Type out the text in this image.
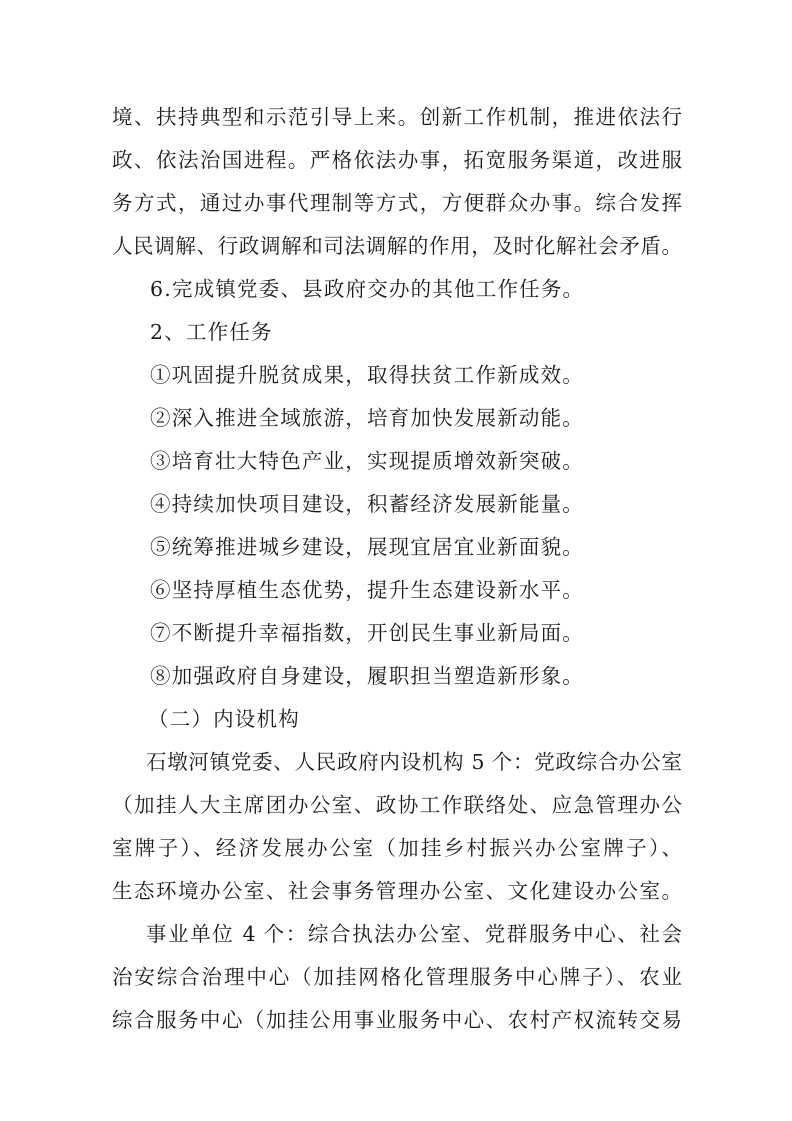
境、扶持典型和示范引导上来。创新工作机制，推进依法行

政、依法治国进程。严格依法办事，拓宽服务渠道，改进服

务方式，通过办事代理制等方式，方便群众办事。综合发挥

人民调解、行政调解和司法调解的作用，及时化解社会矛盾。

6.完成镇党委、县政府交办的其他工作任务。

2、工作任务

①巩固提升脱贫成果，取得扶贫工作新成效。

②深入推进全域旅游，培育加快发展新动能。

③培育壮大特色产业，实现提质增效新突破。

④持续加快项目建设，积蓄经济发展新能量。

⑤统筹推进城乡建设，展现宜居宜业新面貌。

⑥坚持厚植生态优势，提升生态建设新水平。

⑦不断提升幸福指数，开创民生事业新局面。

⑧加强政府自身建设，履职担当塑造新形象。

（二）内设机构

石墩河镇党委、人民政府内设机构 5 个：党政综合办公室

（加挂人大主席团办公室、政协工作联络处、应急管理办公

室牌子）、经济发展办公室（加挂乡村振兴办公室牌子）、

生态环境办公室、社会事务管理办公室、文化建设办公室。

事业单位 4 个：综合执法办公室、党群服务中心、社会

治安综合治理中心（加挂网格化管理服务中心牌子）、农业

综合服务中心（加挂公用事业服务中心、农村产权流转交易
